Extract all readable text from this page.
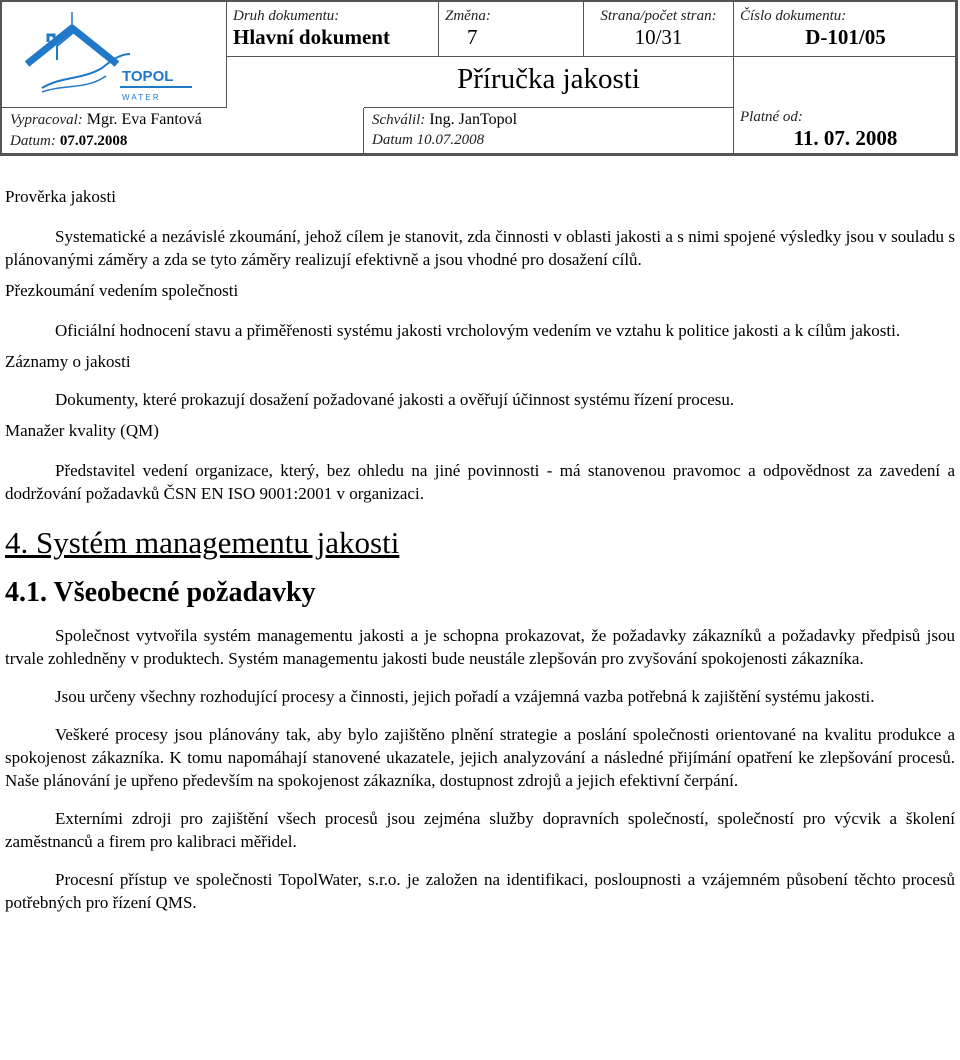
TOPOL
W A T E R
Druh dokumentu:
Hlavní dokument
Změna:
7
Strana/počet stran:
10/31
Číslo dokumentu:
D-101/05
Příručka jakosti
Vypracoval: Mgr. Eva Fantová
Datum: 07.07.2008
Schválil: Ing. JanTopol
Datum 10.07.2008
Platné od:
11. 07. 2008

Prověrka jakosti

Systematické a nezávislé zkoumání, jehož cílem je stanovit, zda činnosti v oblasti jakosti a s nimi spojené výsledky jsou v souladu s plánovanými záměry a zda se tyto záměry realizují efektivně a jsou vhodné pro dosažení cílů.

Přezkoumání vedením společnosti

Oficiální hodnocení stavu a přiměřenosti systému jakosti vrcholovým vedením ve vztahu k politice jakosti a k cílům jakosti.

Záznamy o jakosti

Dokumenty, které prokazují dosažení požadované jakosti a ověřují účinnost systému řízení procesu.

Manažer kvality (QM)

Představitel vedení organizace, který, bez ohledu na jiné povinnosti - má stanovenou pravomoc a odpovědnost za zavedení a dodržování požadavků ČSN EN ISO 9001:2001 v organizaci.

4. Systém managementu jakosti
4.1. Všeobecné požadavky

Společnost vytvořila systém managementu jakosti a je schopna prokazovat, že požadavky zákazníků a požadavky předpisů jsou trvale zohledněny v produktech. Systém managementu jakosti bude neustále zlepšován pro zvyšování spokojenosti zákazníka.

Jsou určeny všechny rozhodující procesy a činnosti, jejich pořadí a vzájemná vazba potřebná k zajištění systému jakosti.

Veškeré procesy jsou plánovány tak, aby bylo zajištěno plnění strategie a poslání společnosti orientované na kvalitu produkce a spokojenost zákazníka. K tomu napomáhají stanovené ukazatele, jejich analyzování a následné přijímání opatření ke zlepšování procesů. Naše plánování je upřeno především na spokojenost zákazníka, dostupnost zdrojů a jejich efektivní čerpání.

Externími zdroji pro zajištění všech procesů jsou zejména služby dopravních společností, společností pro výcvik a školení zaměstnanců a firem pro kalibraci měřidel.

Procesní přístup ve společnosti TopolWater, s.r.o. je založen na identifikaci, posloupnosti a vzájemném působení těchto procesů potřebných pro řízení QMS.
